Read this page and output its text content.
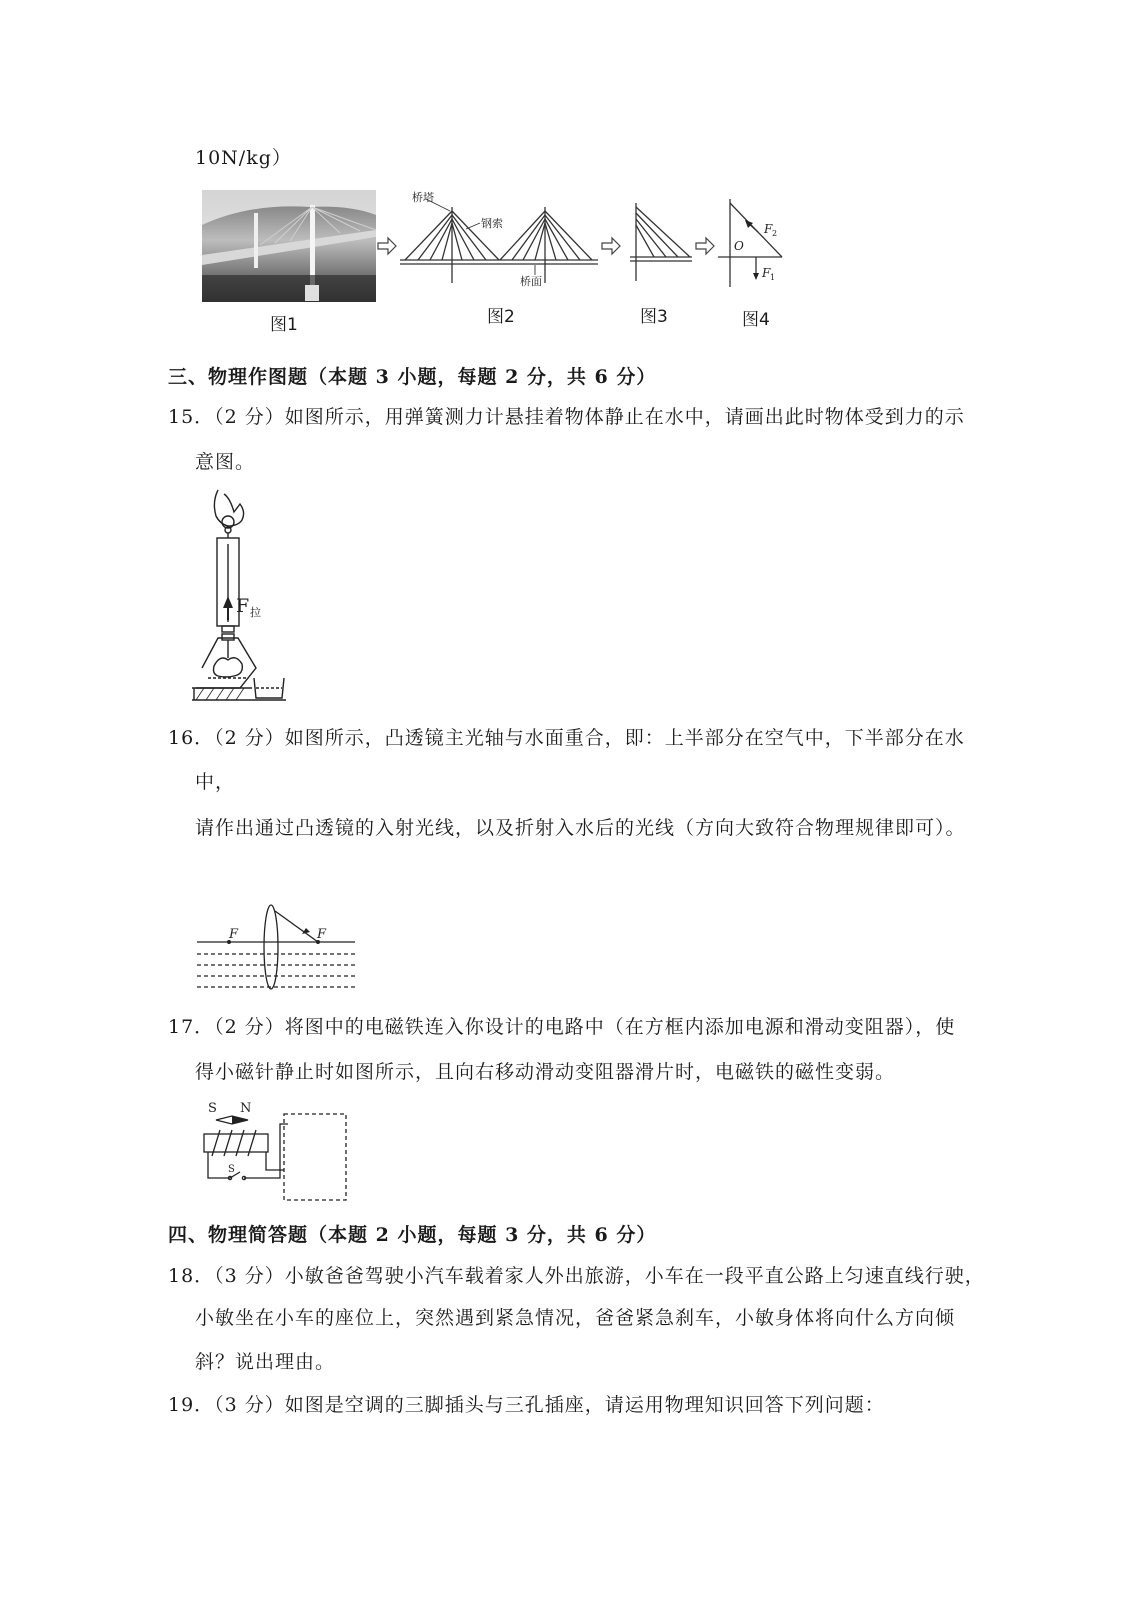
10N/kg）
桥塔
钢索
桥面
O
F 2
F 1
图1	图2	图3	图4
三、物理作图题（本题 3 小题，每题 2 分，共 6 分）
15．（2 分）如图所示，用弹簧测力计悬挂着物体静止在水中，请画出此时物体受到力的示
意图。
F 拉
16．（2 分）如图所示，凸透镜主光轴与水面重合，即：上半部分在空气中，下半部分在水
中，
请作出通过凸透镜的入射光线，以及折射入水后的光线（方向大致符合物理规律即可）。
F	F
17．（2 分）将图中的电磁铁连入你设计的电路中（在方框内添加电源和滑动变阻器），使
得小磁针静止时如图所示，且向右移动滑动变阻器滑片时，电磁铁的磁性变弱。
S N
S
四、物理简答题（本题 2 小题，每题 3 分，共 6 分）
18．（3 分）小敏爸爸驾驶小汽车载着家人外出旅游，小车在一段平直公路上匀速直线行驶，
小敏坐在小车的座位上，突然遇到紧急情况，爸爸紧急刹车，小敏身体将向什么方向倾
斜？说出理由。
19．（3 分）如图是空调的三脚插头与三孔插座，请运用物理知识回答下列问题：
